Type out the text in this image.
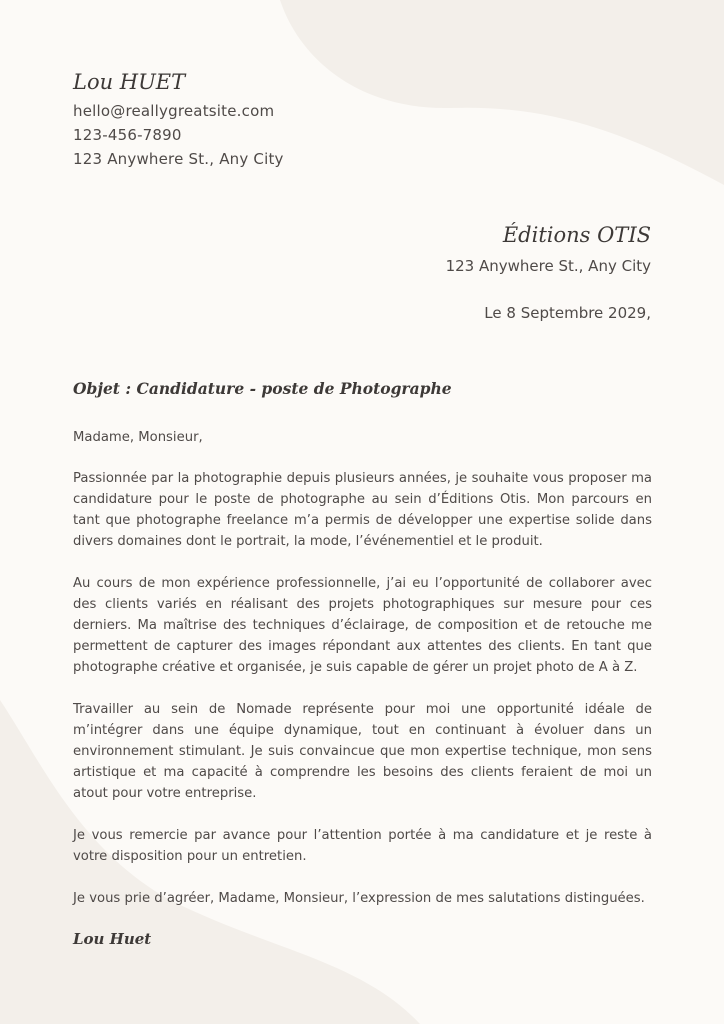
Lou HUET
hello@reallygreatsite.com
123-456-7890
123 Anywhere St., Any City
Éditions OTIS
123 Anywhere St., Any City
Le 8 Septembre 2029,
Objet : Candidature - poste de Photographe

Madame, Monsieur,

Passionnée par la photographie depuis plusieurs années, je souhaite vous proposer ma candidature pour le poste de photographe au sein d’Éditions Otis. Mon parcours en tant que photographe freelance m’a permis de développer une expertise solide dans divers domaines dont le portrait, la mode, l’événementiel et le produit.

Au cours de mon expérience professionnelle, j’ai eu l’opportunité de collaborer avec des clients variés en réalisant des projets photographiques sur mesure pour ces derniers. Ma maîtrise des techniques d’éclairage, de composition et de retouche me permettent de capturer des images répondant aux attentes des clients. En tant que photographe créative et organisée, je suis capable de gérer un projet photo de A à Z.

Travailler au sein de Nomade représente pour moi une opportunité idéale de m’intégrer dans une équipe dynamique, tout en continuant à évoluer dans un environnement stimulant. Je suis convaincue que mon expertise technique, mon sens artistique et ma capacité à comprendre les besoins des clients feraient de moi un atout pour votre entreprise.

Je vous remercie par avance pour l’attention portée à ma candidature et je reste à votre disposition pour un entretien.

Je vous prie d’agréer, Madame, Monsieur, l’expression de mes salutations distinguées.

Lou Huet
